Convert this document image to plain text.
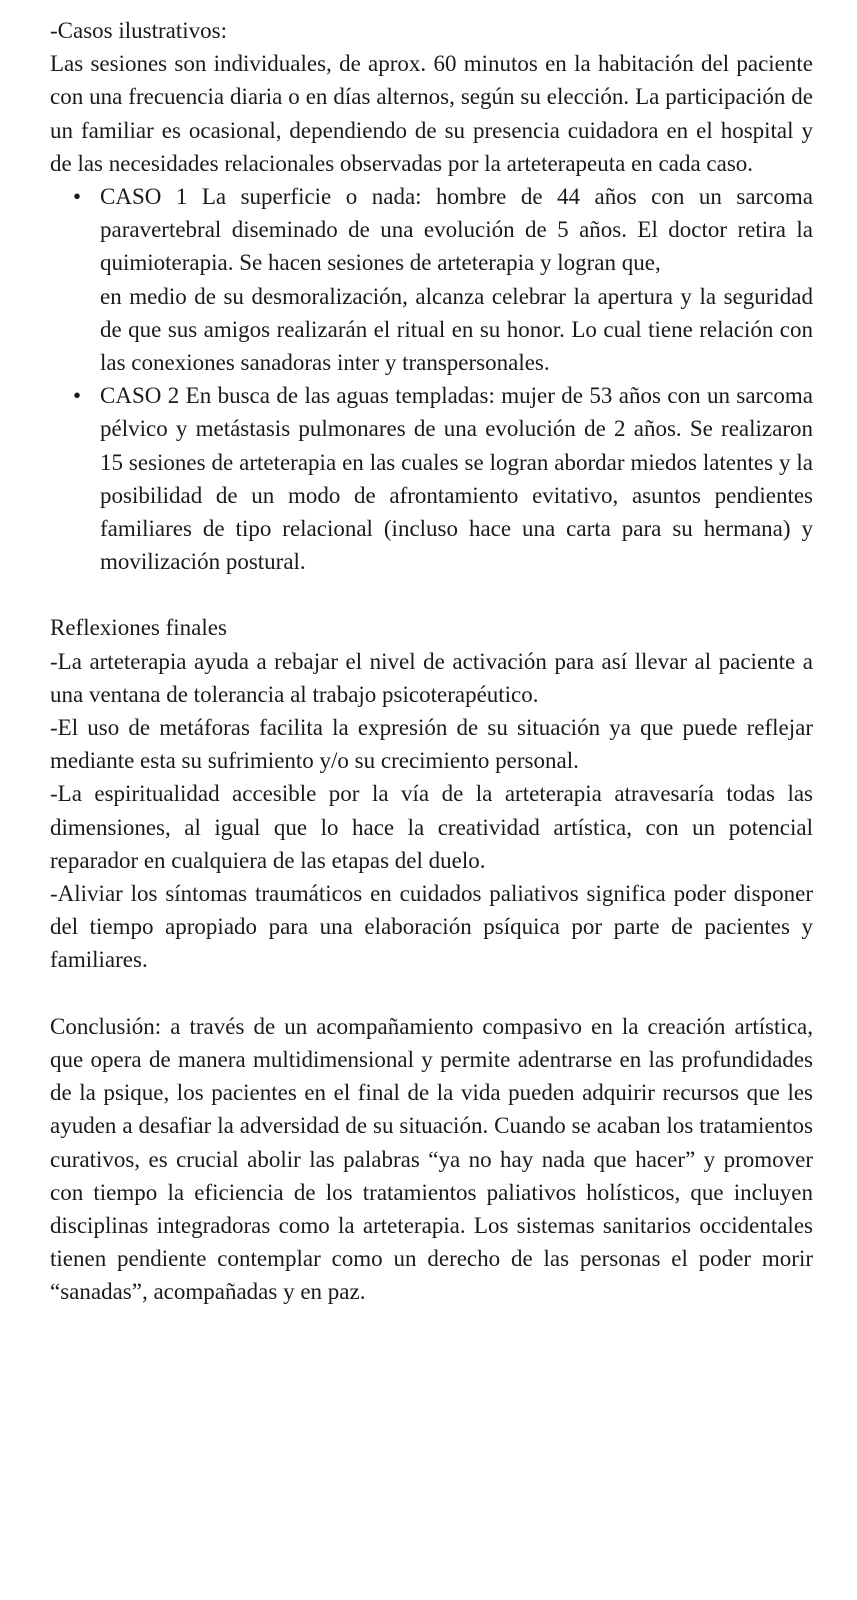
-Casos ilustrativos:

Las sesiones son individuales, de aprox. 60 minutos en la habitación del paciente con una frecuencia diaria o en días alternos, según su elección. La participación de un familiar es ocasional, dependiendo de su presencia cuidadora en el hospital y de las necesidades relacionales observadas por la arteterapeuta en cada caso.

• CASO 1 La superficie o nada: hombre de 44 años con un sarcoma paravertebral diseminado de una evolución de 5 años. El doctor retira la quimioterapia. Se hacen sesiones de arteterapia y logran que,

en medio de su desmoralización, alcanza celebrar la apertura y la seguridad de que sus amigos realizarán el ritual en su honor. Lo cual tiene relación con las conexiones sanadoras inter y transpersonales.

• CASO 2 En busca de las aguas templadas: mujer de 53 años con un sarcoma pélvico y metástasis pulmonares de una evolución de 2 años. Se realizaron 15 sesiones de arteterapia en las cuales se logran abordar miedos latentes y la posibilidad de un modo de afrontamiento evitativo, asuntos pendientes familiares de tipo relacional (incluso hace una carta para su hermana) y movilización postural.

Reflexiones finales

-La arteterapia ayuda a rebajar el nivel de activación para así llevar al paciente a una ventana de tolerancia al trabajo psicoterapéutico.

-El uso de metáforas facilita la expresión de su situación ya que puede reflejar mediante esta su sufrimiento y/o su crecimiento personal.

-La espiritualidad accesible por la vía de la arteterapia atravesaría todas las dimensiones, al igual que lo hace la creatividad artística, con un potencial reparador en cualquiera de las etapas del duelo.

-Aliviar los síntomas traumáticos en cuidados paliativos significa poder disponer del tiempo apropiado para una elaboración psíquica por parte de pacientes y familiares.

Conclusión: a través de un acompañamiento compasivo en la creación artística, que opera de manera multidimensional y permite adentrarse en las profundidades de la psique, los pacientes en el final de la vida pueden adquirir recursos que les ayuden a desafiar la adversidad de su situación. Cuando se acaban los tratamientos curativos, es crucial abolir las palabras “ya no hay nada que hacer” y promover con tiempo la eficiencia de los tratamientos paliativos holísticos, que incluyen disciplinas integradoras como la arteterapia. Los sistemas sanitarios occidentales tienen pendiente contemplar como un derecho de las personas el poder morir “sanadas”, acompañadas y en paz.
